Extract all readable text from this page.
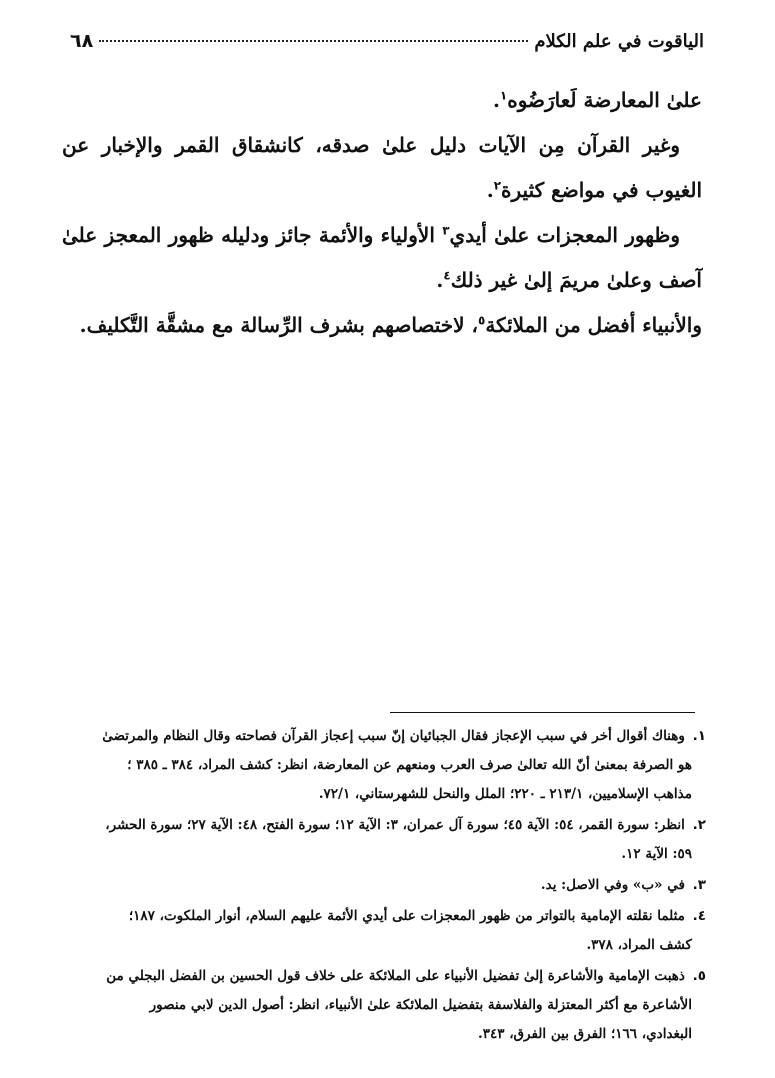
الياقوت في علم الكلام
٦٨

علىٰ المعارضة لَعارَضُوه$^١$.

وغير القرآن مِن الآيات دليل علىٰ صدقه، كانشقاق القمر والإخبار عن الغيوب في مواضع كثيرة$^٢$.

وظهور المعجزات علىٰ أيدي$^٣$ الأولياء والأئمة جائز ودليله ظهور المعجز علىٰ آصف وعلىٰ مريمَ إلىٰ غير ذلك$^٤$.

والأنبياء أفضل من الملائكة$^٥$، لاختصاصهم بشرف الرِّسالة مع مشقَّة التَّكليف.

١. وهناك أقوال أخر في سبب الإعجاز فقال الجبائيان إنّ سبب إعجاز القرآن فصاحته وقال النظام والمرتضىٰ
هو الصرفة بمعنىٰ أنّ الله تعالىٰ صرف العرب ومنعهم عن المعارضة، انظر: كشف المراد، ٣٨٤ ـ ٣٨٥ ؛
مذاهب الإسلاميين، ٢١٣/١ ـ ٢٢٠؛ الملل والنحل للشهرستاني، ٧٢/١.
٢. انظر: سورة القمر، ٥٤: الآية ٤٥؛ سورة آل عمران، ٣: الآية ١٢؛ سورة الفتح، ٤٨: الآية ٢٧؛ سورة الحشر،
٥٩: الآية ١٢.
٣. في «ب» وفي الاصل: يد.
٤. مثلما نقلته الإمامية بالتواتر من ظهور المعجزات على أيدي الأئمة عليهم السلام، أنوار الملكوت، ١٨٧؛
كشف المراد، ٣٧٨.
٥. ذهبت الإمامية والأشاعرة إلىٰ تفضيل الأنبياء على الملائكة على خلاف قول الحسين بن الفضل البجلي من
الأشاعرة مع أكثر المعتزلة والفلاسفة بتفضيل الملائكة علىٰ الأنبياء، انظر: أصول الدين لابي منصور
البغدادي، ١٦٦؛ الفرق بين الفرق، ٣٤٣.
